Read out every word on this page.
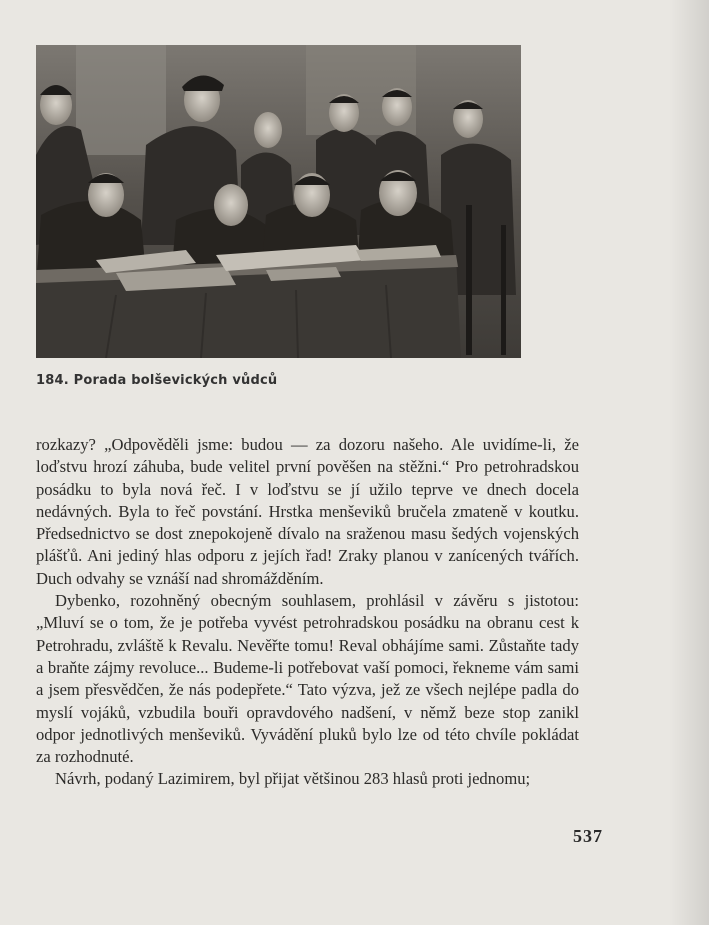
184. Porada bolševických vůdců

rozkazy? „Odpověděli jsme: budou — za dozoru našeho. Ale uvidíme-li, že loďstvu hrozí záhuba, bude velitel první pověšen na stěžni.“ Pro petrohradskou posádku to byla nová řeč. I v loďstvu se jí užilo teprve ve dnech docela nedávných. Byla to řeč povstání. Hrstka menševiků bručela zmateně v koutku. Předsednictvo se dost znepokojeně dívalo na sraženou masu šedých vojenských plášťů. Ani jediný hlas odporu z jejích řad! Zraky planou v zanícených tvářích. Duch odvahy se vznáší nad shromážděním.

Dybenko, rozohněný obecným souhlasem, prohlásil v závěru s jistotou: „Mluví se o tom, že je potřeba vyvést petrohradskou posádku na obranu cest k Petrohradu, zvláště k Revalu. Nevěřte tomu! Reval obhájíme sami. Zůstaňte tady a braňte zájmy revoluce... Budeme-li potřebovat vaší pomoci, řekneme vám sami a jsem přesvědčen, že nás podepřete.“ Tato výzva, jež ze všech nejlépe padla do myslí vojáků, vzbudila bouři opravdového nadšení, v němž beze stop zanikl odpor jednotlivých menševiků. Vyvádění pluků bylo lze od této chvíle pokládat za rozhodnuté.

Návrh, podaný Lazimirem, byl přijat většinou 283 hlasů proti jednomu;

537
